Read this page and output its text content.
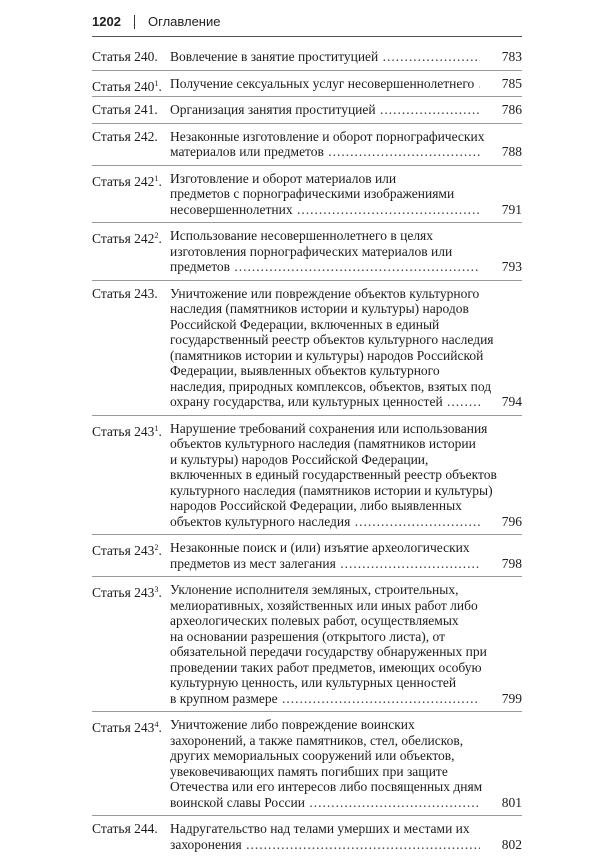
1202 Оглавление
Статья 240. Вовлечение в занятие проституцией .....	783
Статья $240^1$. Получение сексуальных услуг несовершеннолетнего .....	785
Статья 241. Организация занятия проституцией .....	786
Статья 242. Незаконные изготовление и оборот порнографических
материалов или предметов .....	788
Статья $242^1$. Изготовление и оборот материалов или
предметов с порнографическими изображениями
несовершеннолетних .....	791
Статья $242^2$. Использование несовершеннолетнего в целях
изготовления порнографических материалов или
предметов .....	793
Статья 243. Уничтожение или повреждение объектов культурного
наследия (памятников истории и культуры) народов
Российской Федерации, включенных в единый
государственный реестр объектов культурного наследия
(памятников истории и культуры) народов Российской
Федерации, выявленных объектов культурного
наследия, природных комплексов, объектов, взятых под
охрану государства, или культурных ценностей .....	794
Статья $243^1$. Нарушение требований сохранения или использования
объектов культурного наследия (памятников истории
и культуры) народов Российской Федерации,
включенных в единый государственный реестр объектов
культурного наследия (памятников истории и культуры)
народов Российской Федерации, либо выявленных
объектов культурного наследия .....	796
Статья $243^2$. Незаконные поиск и (или) изъятие археологических
предметов из мест залегания .....	798
Статья $243^3$. Уклонение исполнителя земляных, строительных,
мелиоративных, хозяйственных или иных работ либо
археологических полевых работ, осуществляемых
на основании разрешения (открытого листа), от
обязательной передачи государству обнаруженных при
проведении таких работ предметов, имеющих особую
культурную ценность, или культурных ценностей
в крупном размере .....	799
Статья $243^4$. Уничтожение либо повреждение воинских
захоронений, а также памятников, стел, обелисков,
других мемориальных сооружений или объектов,
увековечивающих память погибших при защите
Отечества или его интересов либо посвященных дням
воинской славы России .....	801
Статья 244. Надругательство над телами умерших и местами их
захоронения .....	802
